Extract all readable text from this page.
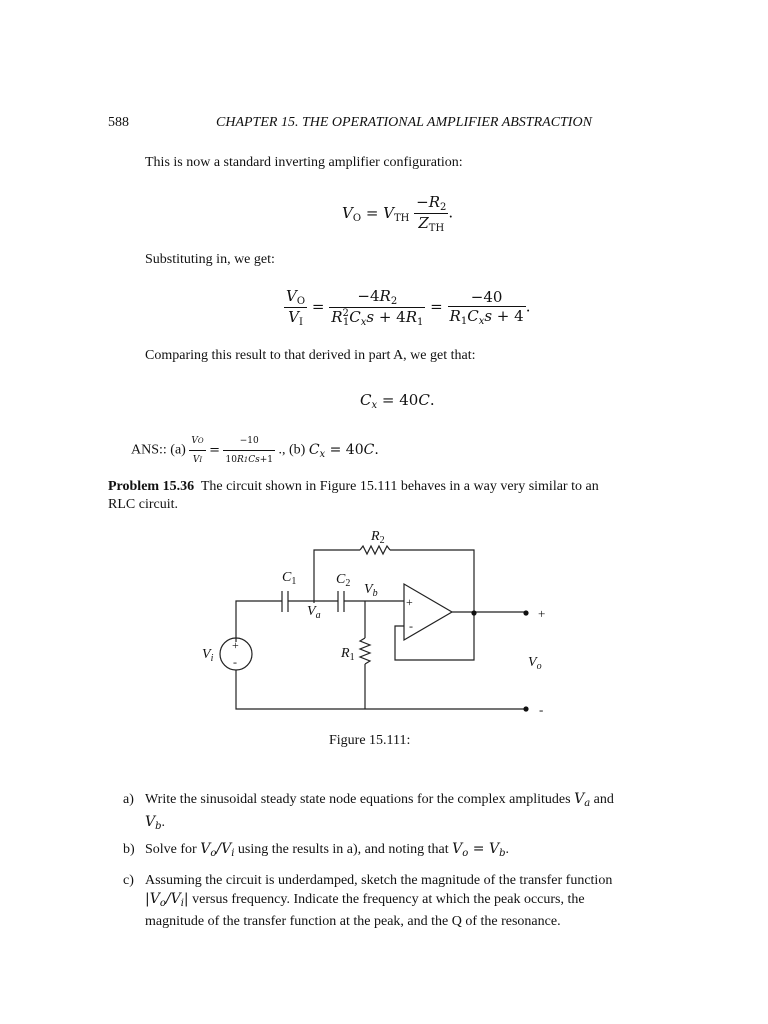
588	CHAPTER 15. THE OPERATIONAL AMPLIFIER ABSTRACTION
This is now a standard inverting amplifier configuration:
$V_O = V_{TH} \frac{-R_2}{Z_{TH}}$ .
Substituting in, we get:
$\frac{V_O}{V_I} = \frac{-4R_2}{R^2_1C_xs + 4R_1} = \frac{-40}{R_1C_xs + 4}$ .
Comparing this result to that derived in part A, we get that:
$C_x = 40C$.
ANS:: $(a) \frac{VO}{VI} = \frac{-10}{10R1Cs+1}$ ., (b) $C_x = 40C$.
Problem 15.36 The circuit shown in Figure 15.111 behaves in a way very similar to an
RLC circuit.
$R_2$
$C_1$	$C_2$ $V_b$
$V_a$
$V_i$	$R_1$	$V_o$
+
-
+
-
+
-
Figure 15.111:
a) Write the sinusoidal steady state node equations for the complex amplitudes $V_a$ and
$V_b$.
b) Solve for $V_o/V_i$ using the results in a), and noting that $V_o = V_b$.
c) Assuming the circuit is underdamped, sketch the magnitude of the transfer function
$|V_o/V_i|$ versus frequency. Indicate the frequency at which the peak occurs, the
magnitude of the transfer function at the peak, and the Q of the resonance.
